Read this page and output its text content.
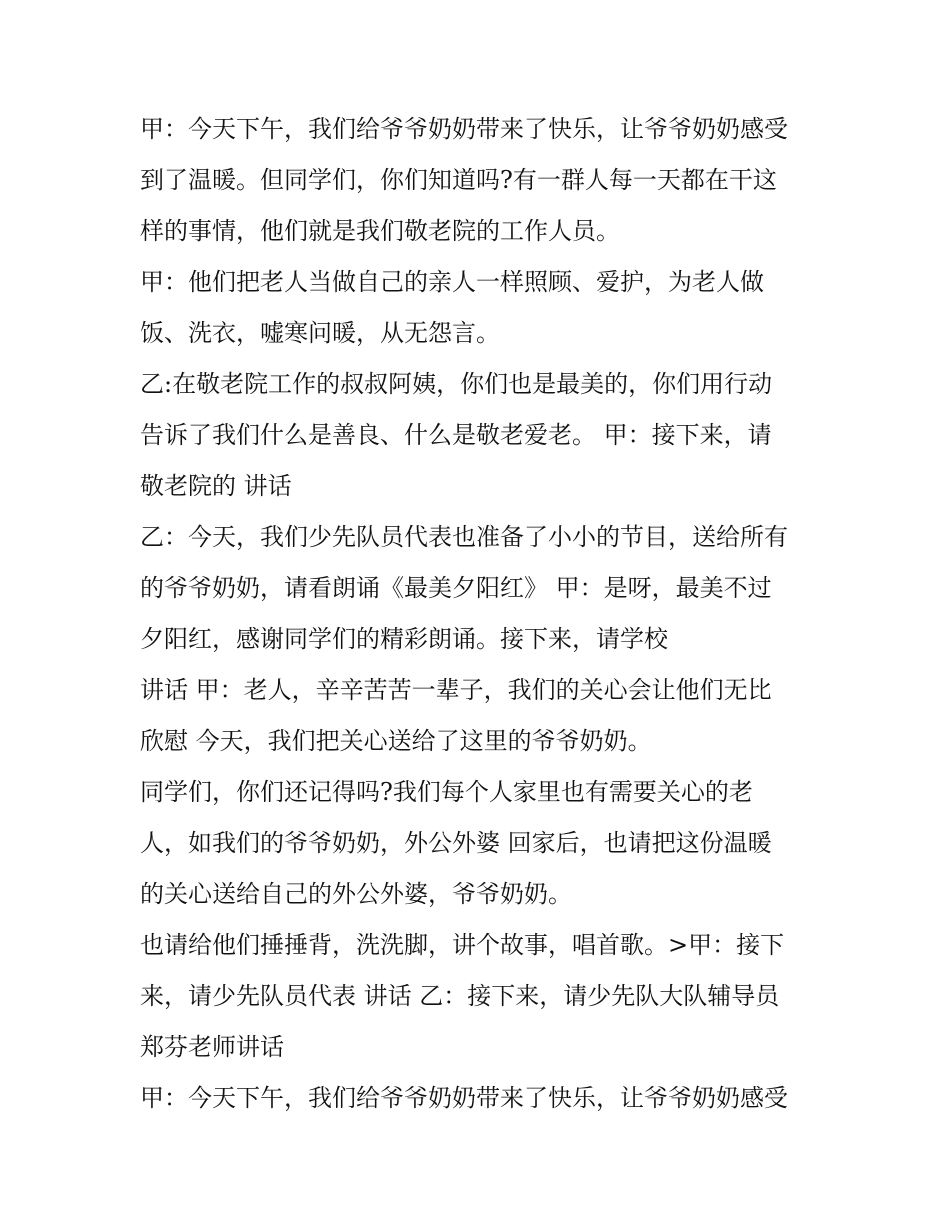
甲：今天下午，我们给爷爷奶奶带来了快乐，让爷爷奶奶感受
到了温暖。但同学们，你们知道吗?有一群人每一天都在干这
样的事情，他们就是我们敬老院的工作人员。
甲：他们把老人当做自己的亲人一样照顾、爱护，为老人做
饭、洗衣，嘘寒问暖，从无怨言。
乙:在敬老院工作的叔叔阿姨，你们也是最美的，你们用行动
告诉了我们什么是善良、什么是敬老爱老。 甲：接下来，请
敬老院的 讲话
乙：今天，我们少先队员代表也准备了小小的节目，送给所有
的爷爷奶奶，请看朗诵《最美夕阳红》 甲：是呀，最美不过
夕阳红，感谢同学们的精彩朗诵。接下来，请学校
讲话 甲：老人，辛辛苦苦一辈子，我们的关心会让他们无比
欣慰 今天，我们把关心送给了这里的爷爷奶奶。
同学们，你们还记得吗?我们每个人家里也有需要关心的老
人，如我们的爷爷奶奶，外公外婆 回家后，也请把这份温暖
的关心送给自己的外公外婆，爷爷奶奶。
也请给他们捶捶背，洗洗脚，讲个故事，唱首歌。>甲：接下
来，请少先队员代表 讲话 乙：接下来，请少先队大队辅导员
郑芬老师讲话
甲：今天下午，我们给爷爷奶奶带来了快乐，让爷爷奶奶感受
